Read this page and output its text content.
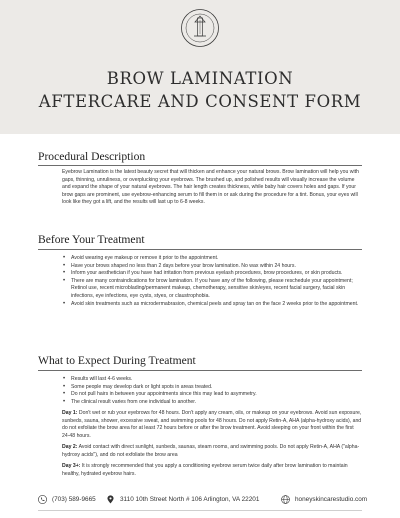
BROW LAMINATION
AFTERCARE AND CONSENT FORM
Procedural Description
Eyebrow Lamination is the latest beauty secret that will thicken and enhance your natural brows. Brow lamination will help you with gaps, thinning, unruliness, or overplucking your eyebrows. The brushed up, and polished results will visually increase the volume and expand the shape of your natural eyebrows. The hair length creates thickness, while baby hair covers holes and gaps. If your brow gaps are prominent, use eyebrow-enhancing serum to fill them in or ask during the procedure for a tint. Bonus, your eyes will look like they got a lift, and the results will last up to 6-8 weeks.
Before Your Treatment
• Avoid wearing eye makeup or remove it prior to the appointment.
• Have your brows shaped no less than 2 days before your brow lamination. No wax within 24 hours.
• Inform your aesthetician if you have had irritation from previous eyelash procedures, brow procedures, or skin products.
• There are many contraindications for brow lamination. If you have any of the following, please reschedule your appointment; Retinol use, recent microblading/permanent makeup, chemotherapy, sensitive skin/eyes, recent facial surgery, facial skin infections, eye infections, eye cysts, styes, or claustrophobia.
• Avoid skin treatments such as microdermabrasion, chemical peels and spray tan on the face 2 weeks prior to the appointment.
What to Expect During Treatment
• Results will last 4-6 weeks.
• Some people may develop dark or light spots in areas treated.
• Do not pull hairs in between your appointments since this may lead to asymmetry.
• The clinical result varies from one individual to another.
Day 1: Don't wet or rub your eyebrows for 48 hours. Don't apply any cream, oils, or makeup on your eyebrows. Avoid sun exposure, sunbeds, sauna, shower, excessive sweat, and swimming pools for 48 hours. Do not apply Retin-A, AHA (alpha-hydroxy acids), and do not exfoliate the brow area for at least 72 hours before or after the brow treatment. Avoid sleeping on your front within the first 24-48 hours.
Day 2: Avoid contact with direct sunlight, sunbeds, saunas, steam rooms, and swimming pools. Do not apply Retin-A, AHA ("alpha-hydroxy acids"), and do not exfoliate the brow area
Day 3+: It is strongly recommended that you apply a conditioning eyebrow serum twice daily after brow lamination to maintain healthy, hydrated eyebrow hairs.
(703) 589-9665	3110 10th Street North # 106 Arlington, VA 22201	honeyskincarestudio.com
